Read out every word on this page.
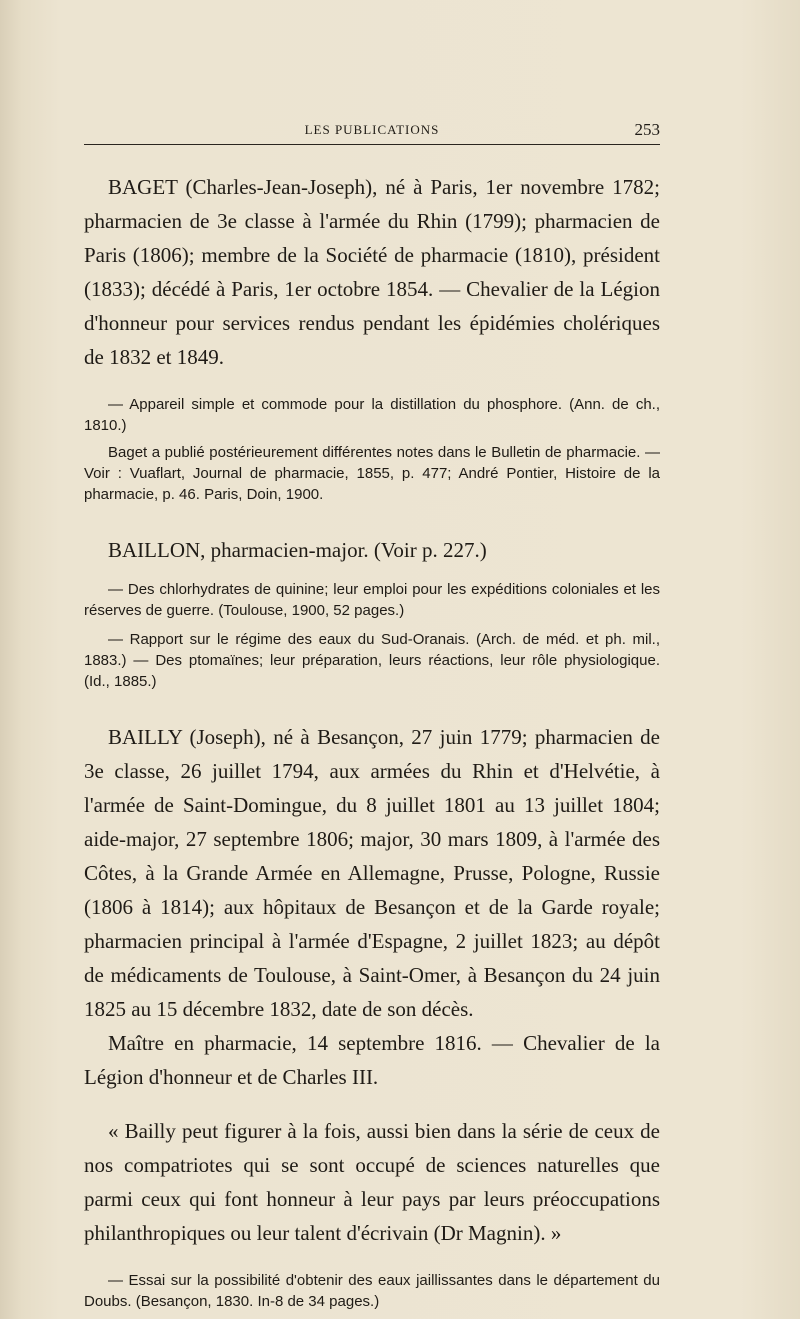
LES PUBLICATIONS	253

BAGET (Charles-Jean-Joseph), né à Paris, 1er novembre 1782; pharmacien de 3e classe à l'armée du Rhin (1799); pharmacien de Paris (1806); membre de la Société de pharmacie (1810), président (1833); décédé à Paris, 1er octobre 1854. — Chevalier de la Légion d'honneur pour services rendus pendant les épidémies cholériques de 1832 et 1849.

— Appareil simple et commode pour la distillation du phosphore. (Ann. de ch., 1810.)

Baget a publié postérieurement différentes notes dans le Bulletin de pharmacie. — Voir : Vuaflart, Journal de pharmacie, 1855, p. 477; André Pontier, Histoire de la pharmacie, p. 46. Paris, Doin, 1900.

BAILLON, pharmacien-major. (Voir p. 227.)

— Des chlorhydrates de quinine; leur emploi pour les expéditions coloniales et les réserves de guerre. (Toulouse, 1900, 52 pages.)

— Rapport sur le régime des eaux du Sud-Oranais. (Arch. de méd. et ph. mil., 1883.) — Des ptomaïnes; leur préparation, leurs réactions, leur rôle physiologique. (Id., 1885.)

BAILLY (Joseph), né à Besançon, 27 juin 1779; pharmacien de 3e classe, 26 juillet 1794, aux armées du Rhin et d'Helvétie, à l'armée de Saint-Domingue, du 8 juillet 1801 au 13 juillet 1804; aide-major, 27 septembre 1806; major, 30 mars 1809, à l'armée des Côtes, à la Grande Armée en Allemagne, Prusse, Pologne, Russie (1806 à 1814); aux hôpitaux de Besançon et de la Garde royale; pharmacien principal à l'armée d'Espagne, 2 juillet 1823; au dépôt de médicaments de Toulouse, à Saint-Omer, à Besançon du 24 juin 1825 au 15 décembre 1832, date de son décès.

Maître en pharmacie, 14 septembre 1816. — Chevalier de la Légion d'honneur et de Charles III.

« Bailly peut figurer à la fois, aussi bien dans la série de ceux de nos compatriotes qui se sont occupé de sciences naturelles que parmi ceux qui font honneur à leur pays par leurs préoccupations philanthropiques ou leur talent d'écrivain (Dr Magnin). »

— Essai sur la possibilité d'obtenir des eaux jaillissantes dans le département du Doubs. (Besançon, 1830. In-8 de 34 pages.)
